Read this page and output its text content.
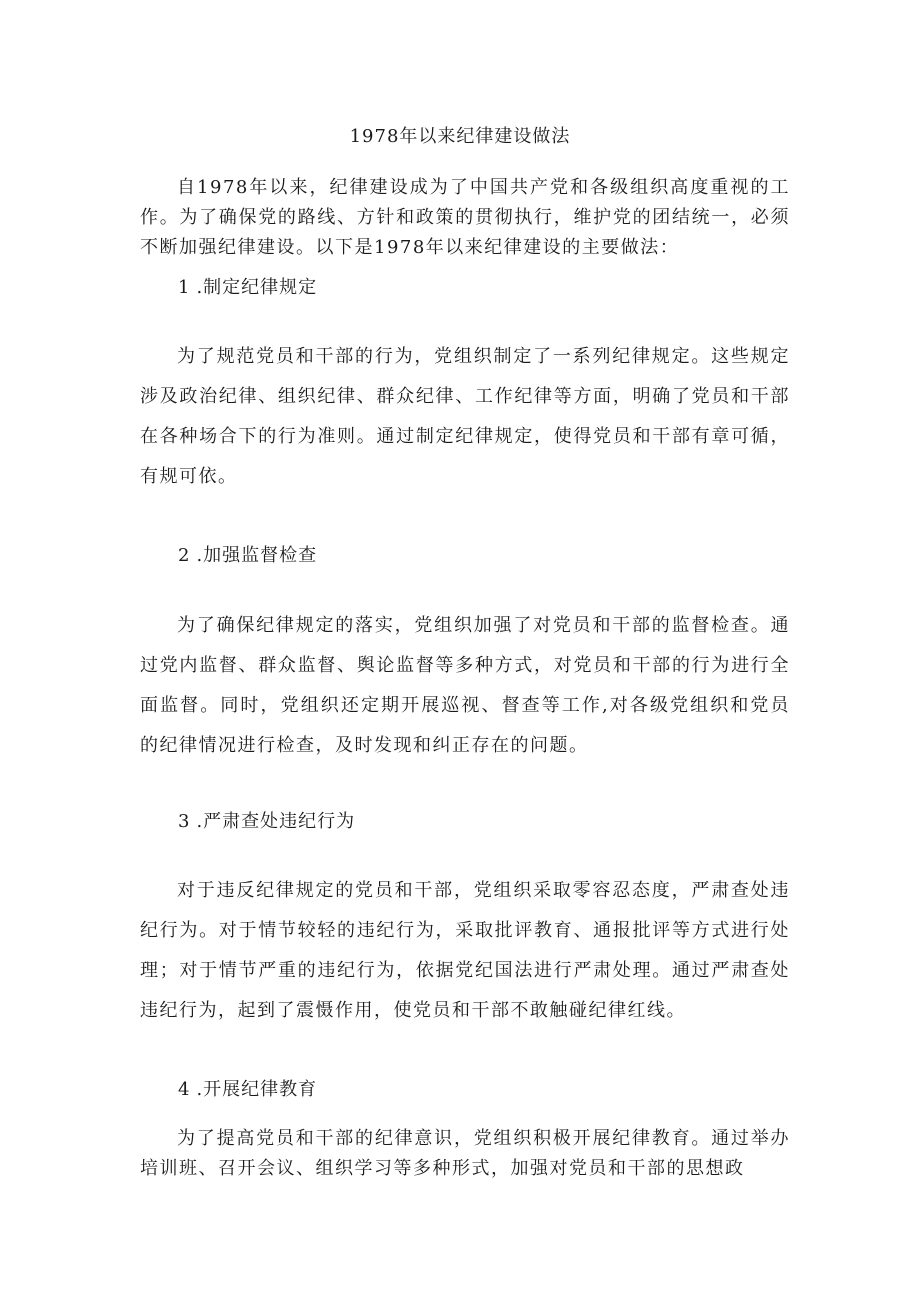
1978年以来纪律建设做法

自1978年以来，纪律建设成为了中国共产党和各级组织高度重视的工作。为了确保党的路线、方针和政策的贯彻执行，维护党的团结统一，必须不断加强纪律建设。以下是1978年以来纪律建设的主要做法：

1 .制定纪律规定

为了规范党员和干部的行为，党组织制定了一系列纪律规定。这些规定涉及政治纪律、组织纪律、群众纪律、工作纪律等方面，明确了党员和干部在各种场合下的行为准则。通过制定纪律规定，使得党员和干部有章可循，有规可依。

2 .加强监督检查

为了确保纪律规定的落实，党组织加强了对党员和干部的监督检查。通过党内监督、群众监督、舆论监督等多种方式，对党员和干部的行为进行全面监督。同时，党组织还定期开展巡视、督查等工作,对各级党组织和党员的纪律情况进行检查，及时发现和纠正存在的问题。

3 .严肃查处违纪行为

对于违反纪律规定的党员和干部，党组织采取零容忍态度，严肃查处违纪行为。对于情节较轻的违纪行为，采取批评教育、通报批评等方式进行处理；对于情节严重的违纪行为，依据党纪国法进行严肃处理。通过严肃查处违纪行为，起到了震慑作用，使党员和干部不敢触碰纪律红线。

4 .开展纪律教育

为了提高党员和干部的纪律意识，党组织积极开展纪律教育。通过举办培训班、召开会议、组织学习等多种形式，加强对党员和干部的思想政
